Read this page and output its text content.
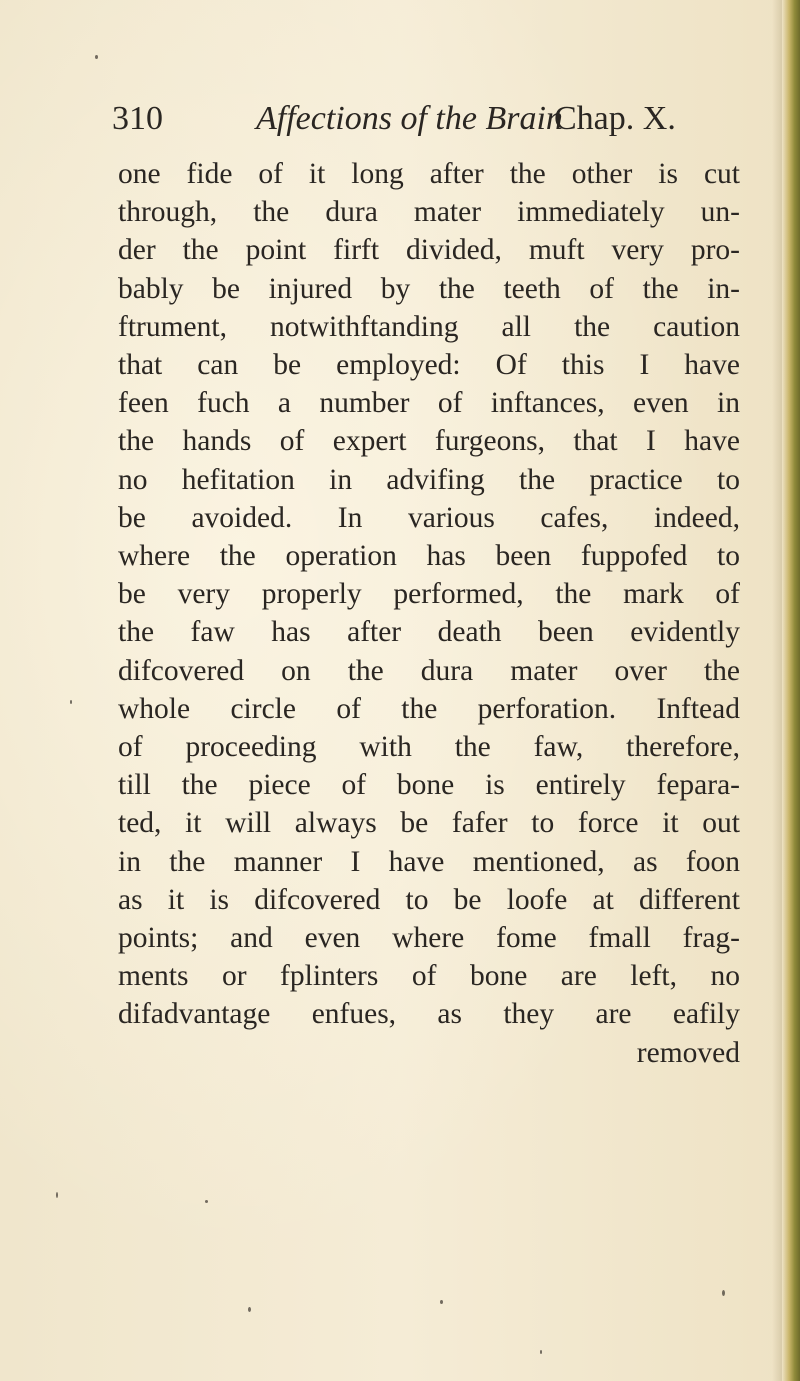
310	Affections of the Brain
Chap. X.
one fide of it long after the other is cut
through, the dura mater immediately un-
der the point firft divided, muft very pro-
bably be injured by the teeth of the in-
ftrument, notwithftanding all the caution
that can be employed: Of this I have
feen fuch a number of inftances, even in
the hands of expert furgeons, that I have
no hefitation in advifing the practice to
be avoided. In various cafes, indeed,
where the operation has been fuppofed to
be very properly performed, the mark of
the faw has after death been evidently
difcovered on the dura mater over the
whole circle of the perforation. Inftead
of proceeding with the faw, therefore,
till the piece of bone is entirely fepara-
ted, it will always be fafer to force it out
in the manner I have mentioned, as foon
as it is difcovered to be loofe at different
points; and even where fome fmall frag-
ments or fplinters of bone are left, no
difadvantage enfues, as they are eafily
removed
